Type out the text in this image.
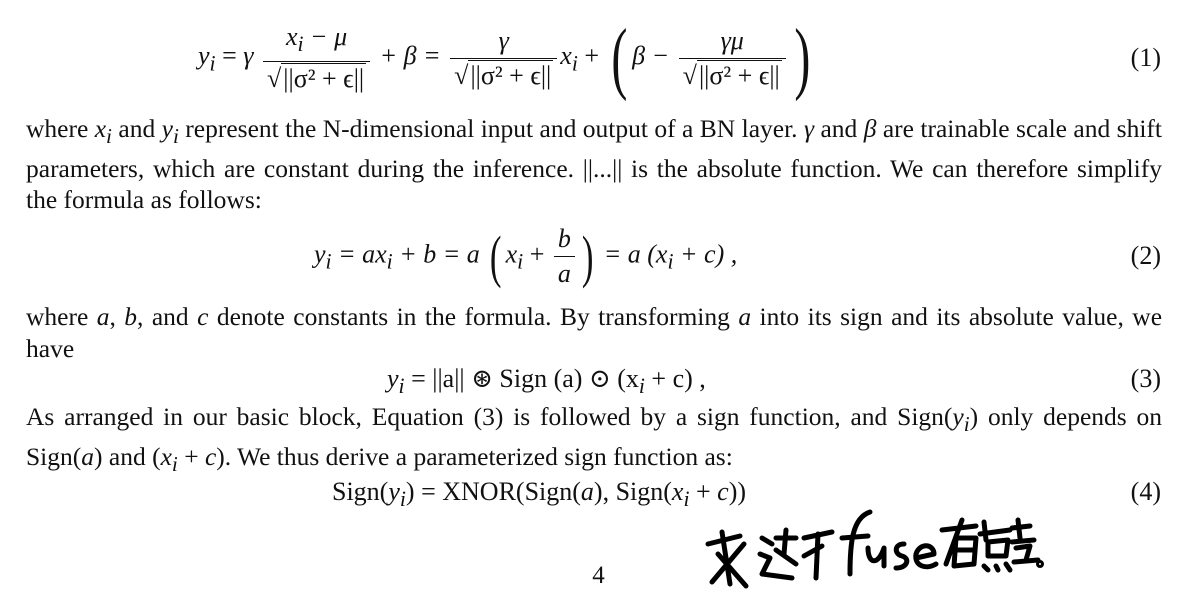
$y_i = \gamma \frac{x_i - \mu}{\text{√||σ² + ϵ||}} + \beta = \frac{\gamma}{\text{√||σ² + ϵ||}} x_i$ + ( $\beta - \frac{\gamma\mu}{\text{√||σ² + ϵ||}}$ )	(1)

where $x_i$ and $y_i$ represent the N-dimensional input and output of a BN layer. γ and β are trainable scale and shift parameters, which are constant during the inference. ||...|| is the absolute function. We can therefore simplify the formula as follows:

$y_i = ax_i + b = a$ ( $x_i + \frac{b}{a}$ ) = a $(x_i + c)$ ,	(2)

where a, b, and c denote constants in the formula. By transforming a into its sign and its absolute value, we have

$y_i = ||a||$ ⊛ Sign (a) ⊙ $(x_i + c)$ ,	(3)

As arranged in our basic block, Equation (3) is followed by a sign function, and $Sign(y_i)$ only depends on Sign(a) and $(x_i + c)$. We thus derive a parameterized sign function as:

$Sign(y_i)$ = XNOR(Sign(a), $Sign(x_i + c)$)	(4)
4
